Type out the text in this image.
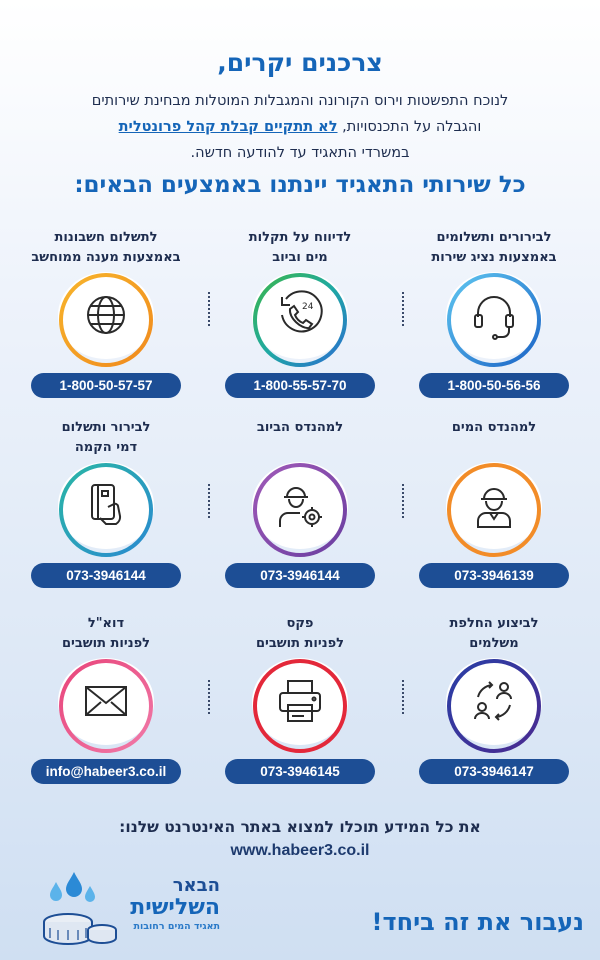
צרכנים יקרים,
לנוכח התפשטות וירוס הקורונה והמגבלות המוטלות מבחינת שירותים
והגבלה על התכנסויות, לא תתקיים קבלת קהל פרונטלית
במשרדי התאגיד עד להודעה חדשה.
כל שירותי התאגיד יינתנו באמצעים הבאים:
לבירורים ותשלומים
באמצעות נציג שירות
1-800-50-56-56
לדיווח על תקלות
מים וביוב
24
1-800-55-57-70
לתשלום חשבונות
באמצעות מענה ממוחשב
1-800-50-57-57
למהנדס המים
073-3946139
למהנדס הביוב
073-3946144
לבירור ותשלום
דמי הקמה
073-3946144
לביצוע החלפת
משלמים
073-3946147
פקס
לפניות תושבים
073-3946145
דוא"ל
לפניות תושבים
info@habeer3.co.il
את כל המידע תוכלו למצוא באתר האינטרנט שלנו:
www.habeer3.co.il
הבאר
השלישית
תאגיד המים רחובות	נעבור את זה ביחד!
